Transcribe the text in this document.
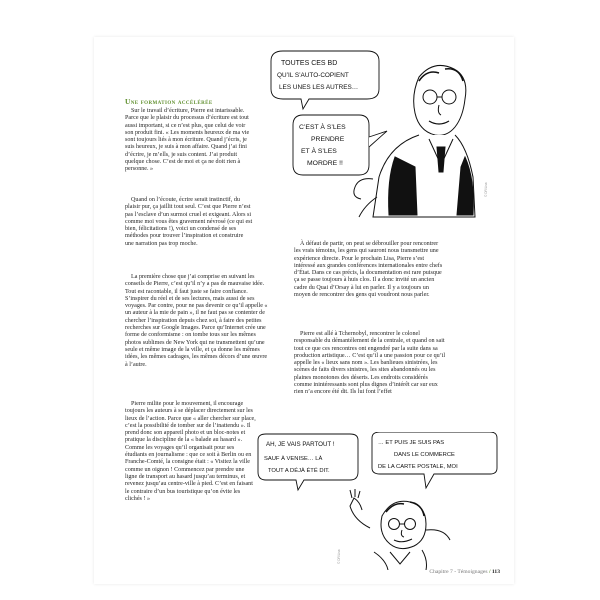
TOUTES CES BD
QU’IL S’AUTO-COPIENT
LES UNES LES AUTRES…
C’EST À S’LES
PRENDRE
ET À S’LES
MORDRE !!
© DR/Lisa
Une formation accélérée

Sur le travail d’écriture, Pierre est intarissable. Parce que le plaisir du processus d’écriture est tout aussi important, si ce n’est plus, que celui de voir son produit fini. « Les moments heureux de ma vie sont toujours liés à mon écriture. Quand j’écris, je suis heureux, je suis à mon affaire. Quand j’ai fini d’écrire, je m’ells, je suis content. J’ai produit quelque chose. C’est de moi et ça ne doit rien à personne. »

Quand on l’écoute, écrire serait instinctif, du plaisir pur, ça jaillit tout seul. C’est que Pierre n’est pas l’esclave d’un surmoi cruel et exigeant. Alors si comme moi vous êtes gravement névrosé (ce qui est bien, félicitations !), voici un condensé de ses méthodes pour trouver l’inspiration et construire une narration pas trop moche.

La première chose que j’ai comprise en suivant les conseils de Pierre, c’est qu’il n’y a pas de mauvaise idée. Tout est racontable, il faut juste se faire confiance. S’inspirer du réel et de ses lectures, mais aussi de ses voyages. Par contre, pour ne pas devenir ce qu’il appelle « un auteur à la mie de pain », il ne faut pas se contenter de chercher l’inspiration depuis chez soi, à faire des petites recherches sur Google Images. Parce qu’Internet crée une forme de conformisme : on tombe tous sur les mêmes photos sublimes de New York qui ne transmettent qu’une seule et même image de la ville, et ça donne les mêmes idées, les mêmes cadrages, les mêmes décors d’une œuvre à l’autre.

Pierre milite pour le mouvement, il encourage toujours les auteurs à se déplacer directement sur les lieux de l’action. Parce que « aller chercher sur place, c’est la possibilité de tomber sur de l’inattendu ». Il prend donc son appareil photo et un bloc-notes et pratique la discipline de la « balade au hasard ». Comme les voyages qu’il organisait pour ses étudiants en journalisme : que ce soit à Berlin ou en Franche-Comté, la consigne était : « Visitez la ville comme un oignon ! Commencez par prendre une ligne de transport au hasard jusqu’au terminus, et revenez jusqu’au centre-ville à pied. C’est en faisant le contraire d’un bus touristique qu’on évite les clichés ! »

À défaut de partir, on peut se débrouiller pour rencontrer les vrais témoins, les gens qui sauront nous transmettre une expérience directe. Pour le prochain Lisa, Pierre s’est intéressé aux grandes conférences internationales entre chefs d’État. Dans ce cas précis, la documentation est rare puisque ça se passe toujours à huis clos. Il a donc invité un ancien cadre du Quai d’Orsay à lui en parler. Il y a toujours un moyen de rencontrer des gens qui voudront nous parler.

Pierre est allé à Tchernobyl, rencontrer le colonel responsable du démantèlement de la centrale, et quand on sait tout ce que ces rencontres ont engendré par la suite dans sa production artistique… C’est qu’il a une passion pour ce qu’il appelle les « lieux sans nom ». Les banlieues sinistrées, les scènes de faits divers sinistres, les sites abandonnés ou les plaines monotones des déserts. Les endroits considérés comme inintéressants sont plus dignes d’intérêt car sur eux rien n’a encore été dit. Ils lui font l’effet

AH, JE VAIS PARTOUT !
SAUF À VENISE… LÀ
TOUT A DÉJÀ ÉTÉ DIT.
… ET PUIS JE SUIS PAS
DANS LE COMMERCE
DE LA CARTE POSTALE, MOI
© DR/Lisa
Chapitre 7 - Témoignages / 113
